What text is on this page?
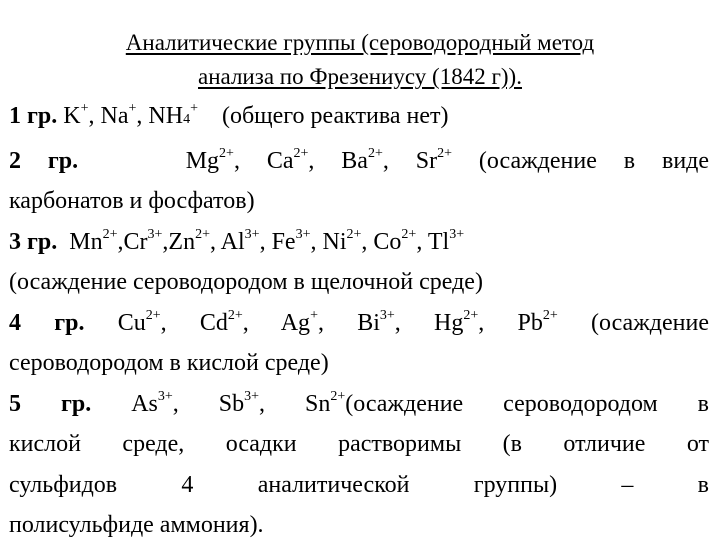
Аналитические группы (сероводородный метод
анализа по Фрезениусу (1842 г)).
1 гр. K+, Na+, NH4+ (общего реактива нет)
2 гр.	$Mg^{2+}$, $Ca^{2+}$, $Ba^{2+}$, $Sr^{2+}$ (осаждение в виде
карбонатов и фосфатов)
3 гр. $Mn^{2+},Cr^{3+},Zn^{2+}$, $Al^{3+}$, $Fe^{3+}$, $Ni^{2+}$, $Co^{2+}$, $Tl^{3+}$
(осаждение сероводородом в щелочной среде)
4 гр. $Cu^{2+}$, $Cd^{2+}$, Ag+, $Bi^{3+}$, $Hg^{2+}$, $Pb^{2+}$ (осаждение
сероводородом в кислой среде)
5 гр. $As^{3+}$, $Sb^{3+}$, $Sn^{2+}(осаждение$ сероводородом в
кислой среде, осадки растворимы (в отличие от
сульфидов 4 аналитической группы) – в
полисульфиде аммония).
